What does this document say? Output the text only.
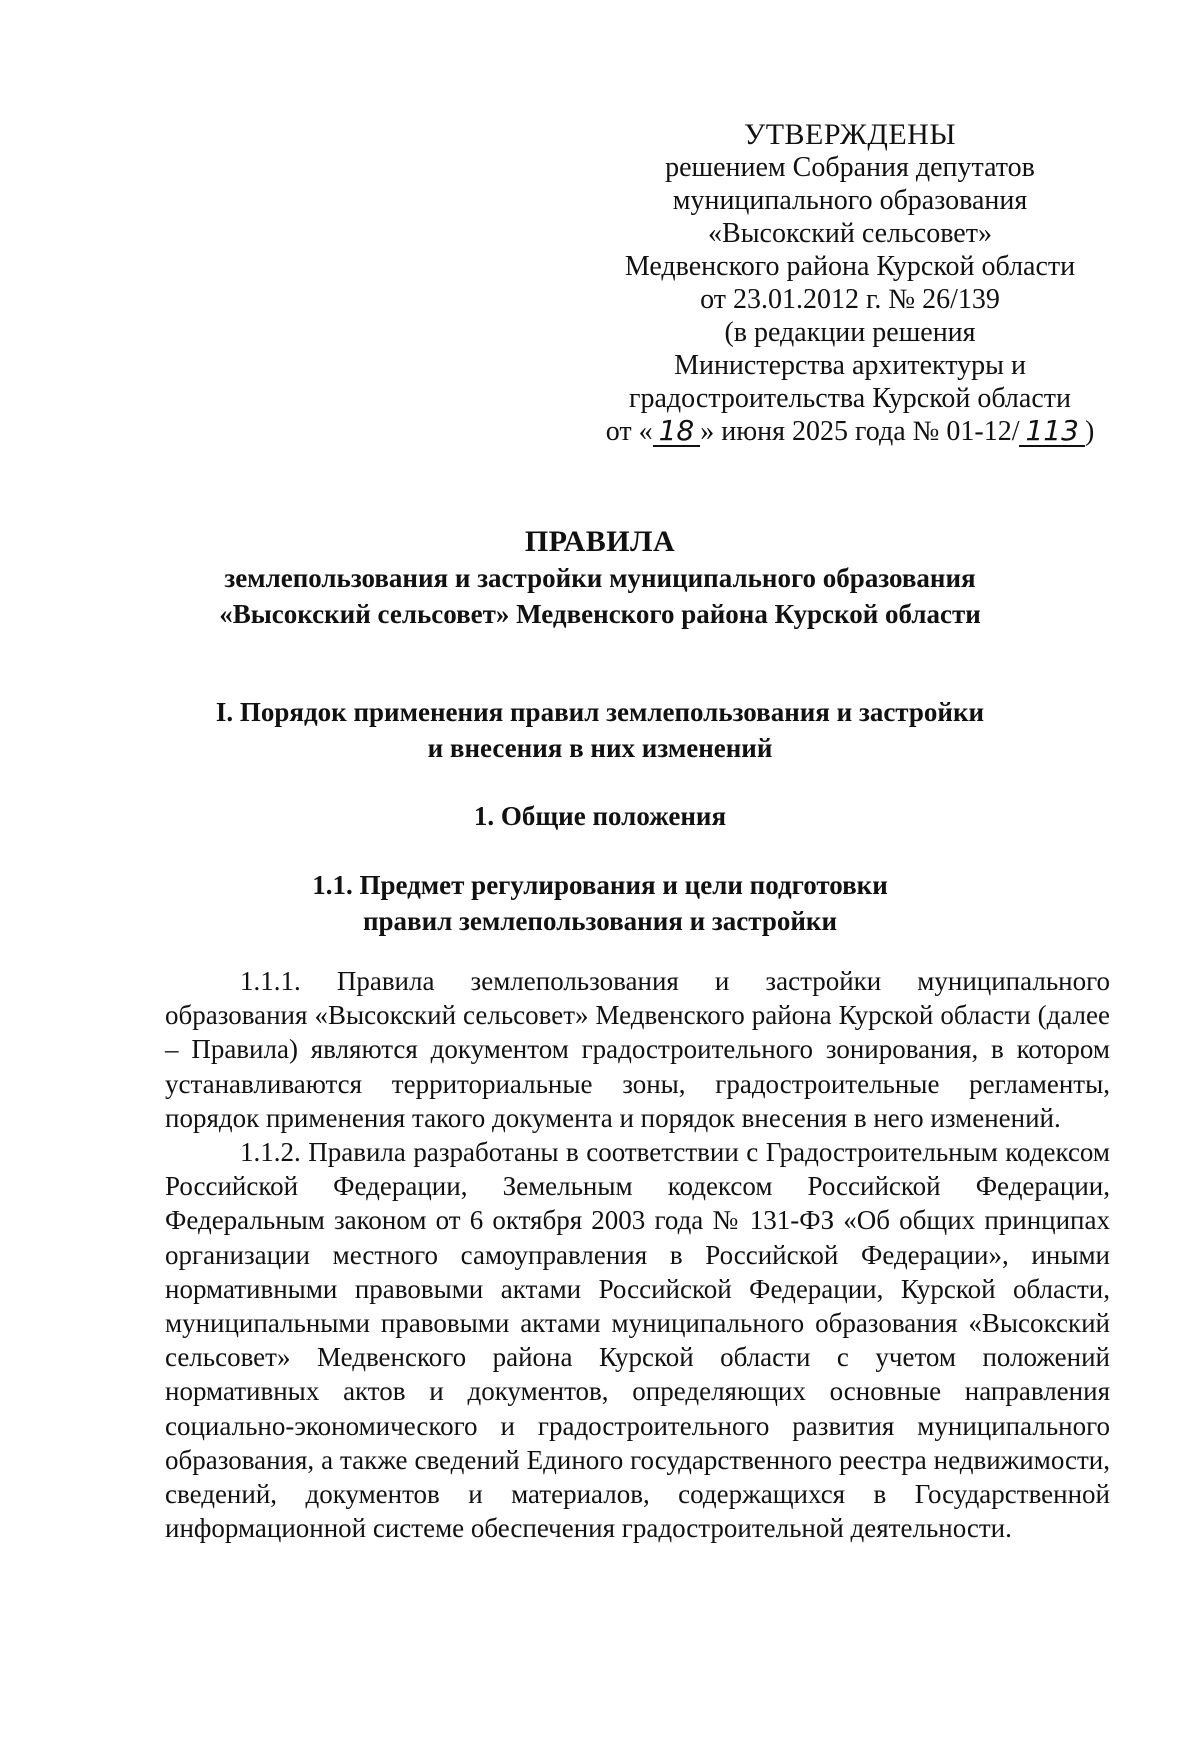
УТВЕРЖДЕНЫ
решением Собрания депутатов
муниципального образования
«Высокский сельсовет»
Медвенского района Курской области
от 23.01.2012 г. № 26/139
(в редакции решения
Министерства архитектуры и
градостроительства Курской области
от « 18 » июня 2025 года № 01-12/ 113 )
ПРАВИЛА
землепользования и застройки муниципального образования
«Высокский сельсовет» Медвенского района Курской области
I. Порядок применения правил землепользования и застройки
и внесения в них изменений
1. Общие положения
1.1. Предмет регулирования и цели подготовки
правил землепользования и застройки

1.1.1. Правила землепользования и застройки муниципального образования «Высокский сельсовет» Медвенского района Курской области (далее – Правила) являются документом градостроительного зонирования, в котором устанавливаются территориальные зоны, градостроительные регламенты, порядок применения такого документа и порядок внесения в него изменений.

1.1.2. Правила разработаны в соответствии с Градостроительным кодексом Российской Федерации, Земельным кодексом Российской Федерации, Федеральным законом от 6 октября 2003 года № 131-ФЗ «Об общих принципах организации местного самоуправления в Российской Федерации», иными нормативными правовыми актами Российской Федерации, Курской области, муниципальными правовыми актами муниципального образования «Высокский сельсовет» Медвенского района Курской области с учетом положений нормативных актов и документов, определяющих основные направления социально-экономического и градостроительного развития муниципального образования, а также сведений Единого государственного реестра недвижимости, сведений, документов и материалов, содержащихся в Государственной информационной системе обеспечения градостроительной деятельности.
